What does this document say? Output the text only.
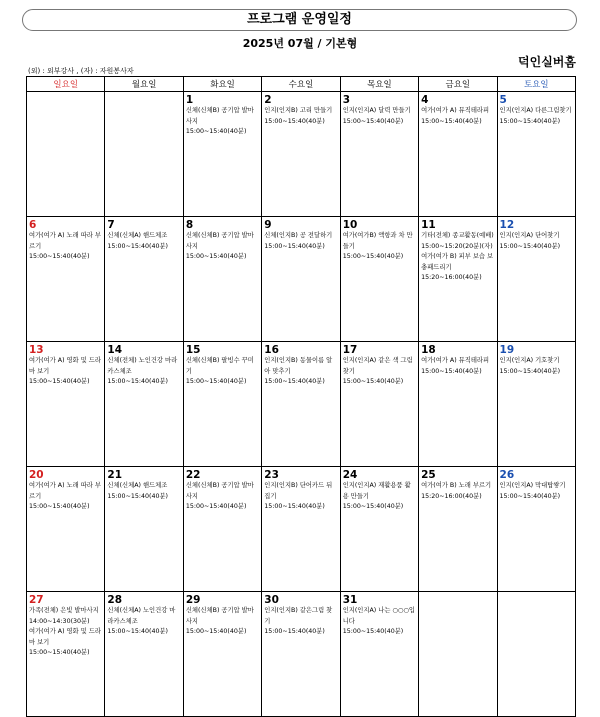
프로그램 운영일정
2025년 07월 / 기본형
덕인실버홈
(외) : 외부강사 , (자) : 자원봉사자
일요일	월요일	화요일	수요일	목요일	금요일	토요일

		1
신체(신체B) 공기압 발마사지
15:00~15:40(40분)	2
인지(인지B) 고리 만들기
15:00~15:40(40분)	3
인지(인지A) 달력 만들기
15:00~15:40(40분)	4
여가(여가 A) 뮤직테라피
15:00~15:40(40분)	5
인지(인지A) 다른그림찾기
15:00~15:40(40분)

6
여가(여가 A) 노래 따라 부르기
15:00~15:40(40분)	7
신체(신체A) 핸드체조
15:00~15:40(40분)	8
신체(신체B) 공기압 발마사지
15:00~15:40(40분)	9
신체(인지B) 공 전달하기
15:00~15:40(40분)	10
여가(여가B) 액항과 차 만들기
15:00~15:40(40분)	11
기타(전체) 종교활동(예배)
15:00~15:20(20분)(자)
여가(여가 B) 피부 보습 보충패드리기
15:20~16:00(40분)	12
인지(인지A) 단어찾기
15:00~15:40(40분)

13
여가(여가 A) 영화 및 드라마 보기
15:00~15:40(40분)	14
신체(전체) 노인건강 마라카스체조
15:00~15:40(40분)	15
신체(신체B) 팔빙수 꾸미기
15:00~15:40(40분)	16
인지(인지B) 동물이름 알아 맞추기
15:00~15:40(40분)	17
인지(인지A) 같은 색 그림찾기
15:00~15:40(40분)	18
여가(여가 A) 뮤직테라피
15:00~15:40(40분)	19
인지(인지A) 기호찾기
15:00~15:40(40분)

20
여가(여가 A) 노래 따라 부르기
15:00~15:40(40분)	21
신체(신체A) 핸드체조
15:00~15:40(40분)	22
신체(신체B) 공기압 발마사지
15:00~15:40(40분)	23
인지(인지B) 단어카드 뒤집기
15:00~15:40(40분)	24
인지(인지A) 재활용품 활용 만들기
15:00~15:40(40분)	25
여가(여가 B) 노래 부르기
15:20~16:00(40분)	26
인지(인지A) 막대탑쌓기
15:00~15:40(40분)

27
가족(전체) 은빛 발마사지
14:00~14:30(30분)
여가(여가 A) 영화 및 드라마 보기
15:00~15:40(40분)	28
신체(신체A) 노인건강 마라카스체조
15:00~15:40(40분)	29
신체(신체B) 공기압 발마사지
15:00~15:40(40분)	30
인지(인지B) 같은그림 찾기
15:00~15:40(40분)	31
인지(인지A) 나는 ○○○입니다
15:00~15:40(40분)		
